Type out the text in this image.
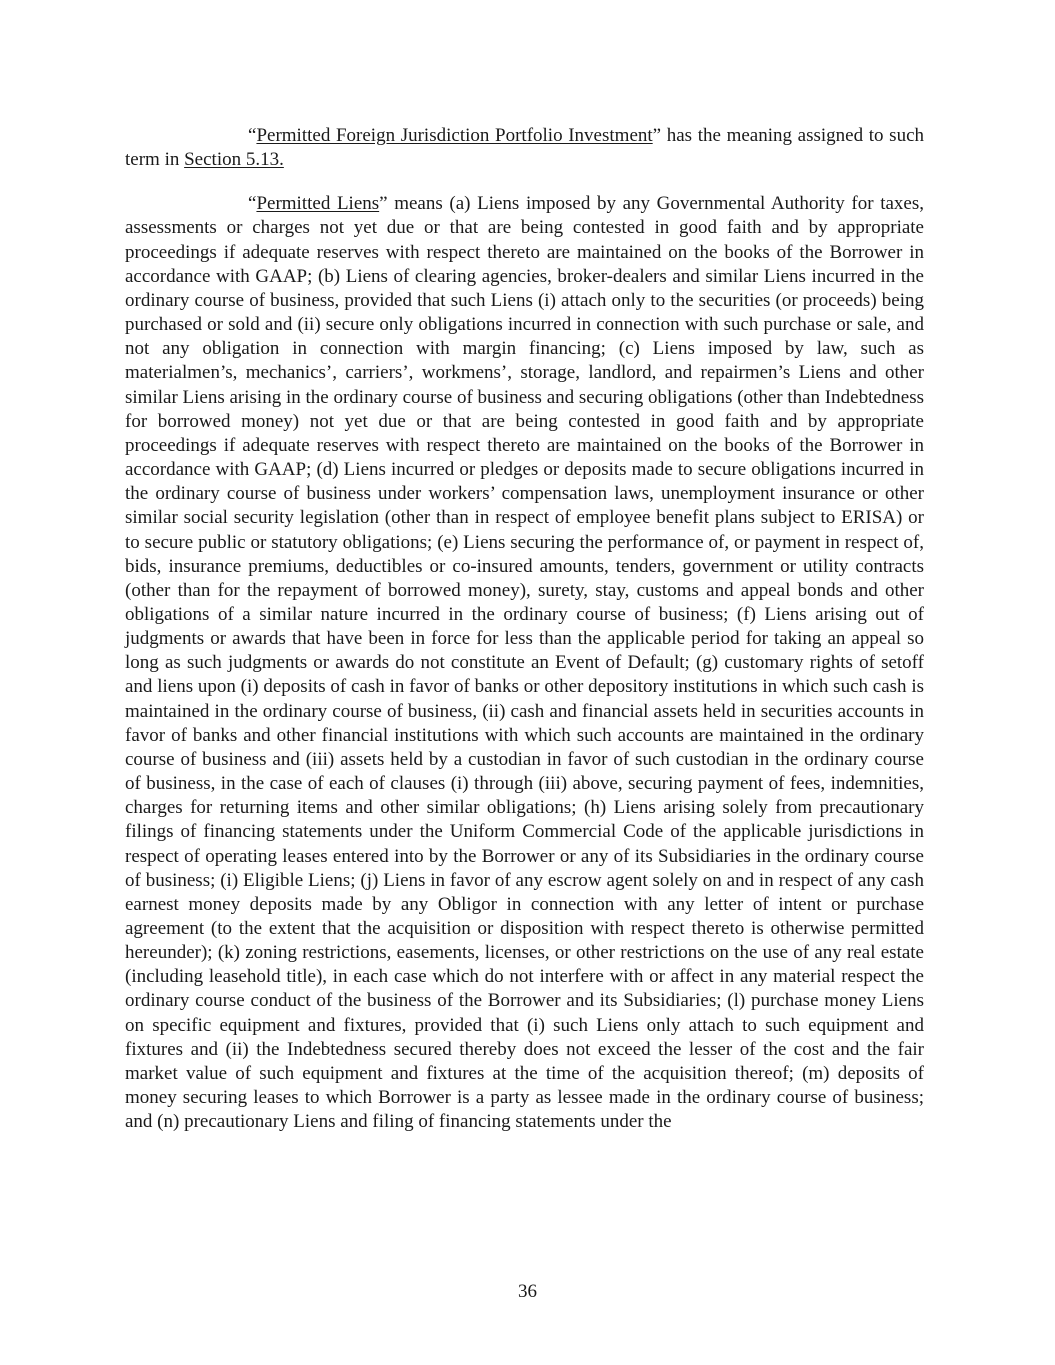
“Permitted Foreign Jurisdiction Portfolio Investment” has the meaning assigned to such term in Section 5.13.

“Permitted Liens” means (a) Liens imposed by any Governmental Authority for taxes, assessments or charges not yet due or that are being contested in good faith and by appropriate proceedings if adequate reserves with respect thereto are maintained on the books of the Borrower in accordance with GAAP; (b) Liens of clearing agencies, broker-dealers and similar Liens incurred in the ordinary course of business, provided that such Liens (i) attach only to the securities (or proceeds) being purchased or sold and (ii) secure only obligations incurred in connection with such purchase or sale, and not any obligation in connection with margin financing; (c) Liens imposed by law, such as materialmen’s, mechanics’, carriers’, workmens’, storage, landlord, and repairmen’s Liens and other similar Liens arising in the ordinary course of business and securing obligations (other than Indebtedness for borrowed money) not yet due or that are being contested in good faith and by appropriate proceedings if adequate reserves with respect thereto are maintained on the books of the Borrower in accordance with GAAP; (d) Liens incurred or pledges or deposits made to secure obligations incurred in the ordinary course of business under workers’ compensation laws, unemployment insurance or other similar social security legislation (other than in respect of employee benefit plans subject to ERISA) or to secure public or statutory obligations; (e) Liens securing the performance of, or payment in respect of, bids, insurance premiums, deductibles or co-insured amounts, tenders, government or utility contracts (other than for the repayment of borrowed money), surety, stay, customs and appeal bonds and other obligations of a similar nature incurred in the ordinary course of business; (f) Liens arising out of judgments or awards that have been in force for less than the applicable period for taking an appeal so long as such judgments or awards do not constitute an Event of Default; (g) customary rights of setoff and liens upon (i) deposits of cash in favor of banks or other depository institutions in which such cash is maintained in the ordinary course of business, (ii) cash and financial assets held in securities accounts in favor of banks and other financial institutions with which such accounts are maintained in the ordinary course of business and (iii) assets held by a custodian in favor of such custodian in the ordinary course of business, in the case of each of clauses (i) through (iii) above, securing payment of fees, indemnities, charges for returning items and other similar obligations; (h) Liens arising solely from precautionary filings of financing statements under the Uniform Commercial Code of the applicable jurisdictions in respect of operating leases entered into by the Borrower or any of its Subsidiaries in the ordinary course of business; (i) Eligible Liens; (j) Liens in favor of any escrow agent solely on and in respect of any cash earnest money deposits made by any Obligor in connection with any letter of intent or purchase agreement (to the extent that the acquisition or disposition with respect thereto is otherwise permitted hereunder); (k) zoning restrictions, easements, licenses, or other restrictions on the use of any real estate (including leasehold title), in each case which do not interfere with or affect in any material respect the ordinary course conduct of the business of the Borrower and its Subsidiaries; (l) purchase money Liens on specific equipment and fixtures, provided that (i) such Liens only attach to such equipment and fixtures and (ii) the Indebtedness secured thereby does not exceed the lesser of the cost and the fair market value of such equipment and fixtures at the time of the acquisition thereof; (m) deposits of money securing leases to which Borrower is a party as lessee made in the ordinary course of business; and (n) precautionary Liens and filing of financing statements under the

36
